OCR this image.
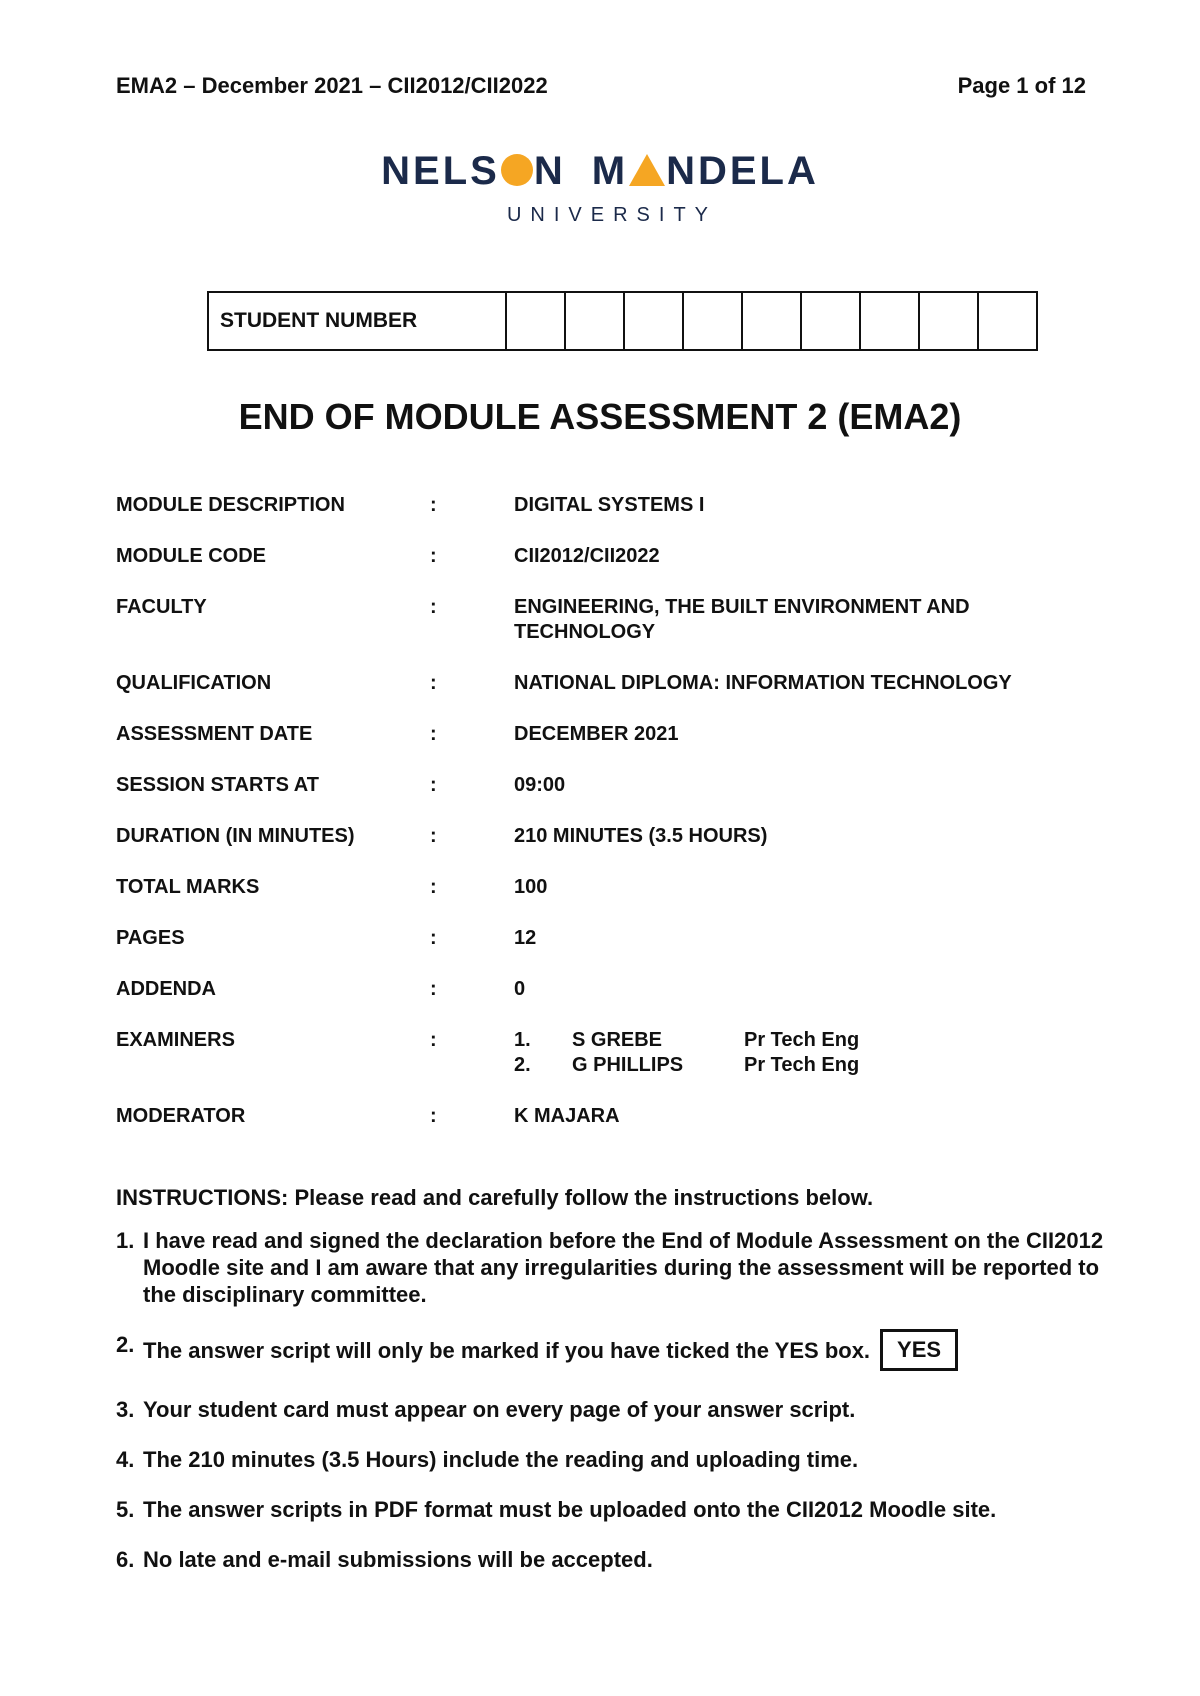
EMA2 – December 2021 – CII2012/CII2022	Page 1 of 12
NELS N M NDELA
UNIVERSITY
STUDENT NUMBER									
END OF MODULE ASSESSMENT 2 (EMA2)
MODULE DESCRIPTION	:	DIGITAL SYSTEMS I
MODULE CODE	:	CII2012/CII2022
FACULTY	:	ENGINEERING, THE BUILT ENVIRONMENT AND TECHNOLOGY
QUALIFICATION	:	NATIONAL DIPLOMA: INFORMATION TECHNOLOGY
ASSESSMENT DATE	:	DECEMBER 2021
SESSION STARTS AT	:	09:00
DURATION (IN MINUTES)	:	210 MINUTES (3.5 HOURS)
TOTAL MARKS	:	100
PAGES	:	12
ADDENDA	:	0
EXAMINERS	:	1.	S GREBE	Pr Tech Eng
2.	G PHILLIPS	Pr Tech Eng
MODERATOR	:	K MAJARA
INSTRUCTIONS: Please read and carefully follow the instructions below.
1. I have read and signed the declaration before the End of Module Assessment on the CII2012 Moodle site and I am aware that any irregularities during the assessment will be reported to the disciplinary committee.
2. The answer script will only be marked if you have ticked the YES box. YES
3. Your student card must appear on every page of your answer script.
4. The 210 minutes (3.5 Hours) include the reading and uploading time.
5. The answer scripts in PDF format must be uploaded onto the CII2012 Moodle site.
6. No late and e-mail submissions will be accepted.
